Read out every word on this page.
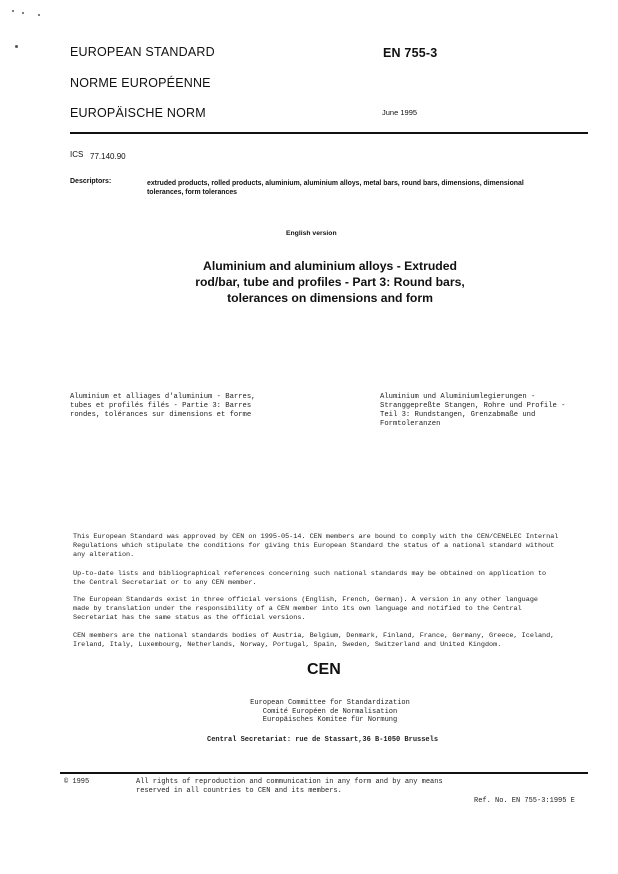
EUROPEAN STANDARD
NORME EUROPÉENNE
EUROPÄISCHE NORM
EN 755-3
June 1995
ICS 77.140.90
Descriptors:	extruded products, rolled products, aluminium, aluminium alloys, metal bars, round bars, dimensions, dimensional
tolerances, form tolerances
English version
Aluminium and aluminium alloys - Extruded
rod/bar, tube and profiles - Part 3: Round bars,
tolerances on dimensions and form
Aluminium et alliages d'aluminium - Barres,
tubes et profilés filés - Partie 3: Barres
rondes, tolérances sur dimensions et forme
Aluminium und Aluminiumlegierungen -
Stranggepreßte Stangen, Rohre und Profile -
Teil 3: Rundstangen, Grenzabmaße und
Formtoleranzen
This European Standard was approved by CEN on 1995-05-14. CEN members are bound to comply with the CEN/CENELEC Internal
Regulations which stipulate the conditions for giving this European Standard the status of a national standard without
any alteration.
Up-to-date lists and bibliographical references concerning such national standards may be obtained on application to
the Central Secretariat or to any CEN member.
The European Standards exist in three official versions (English, French, German). A version in any other language
made by translation under the responsibility of a CEN member into its own language and notified to the Central
Secretariat has the same status as the official versions.
CEN members are the national standards bodies of Austria, Belgium, Denmark, Finland, France, Germany, Greece, Iceland,
Ireland, Italy, Luxembourg, Netherlands, Norway, Portugal, Spain, Sweden, Switzerland and United Kingdom.
CEN
European Committee for Standardization
Comité Européen de Normalisation
Europäisches Komitee für Normung
Central Secretariat: rue de Stassart,36 B-1050 Brussels
© 1995	All rights of reproduction and communication in any form and by any means
reserved in all countries to CEN and its members.
Ref. No. EN 755-3:1995 E
